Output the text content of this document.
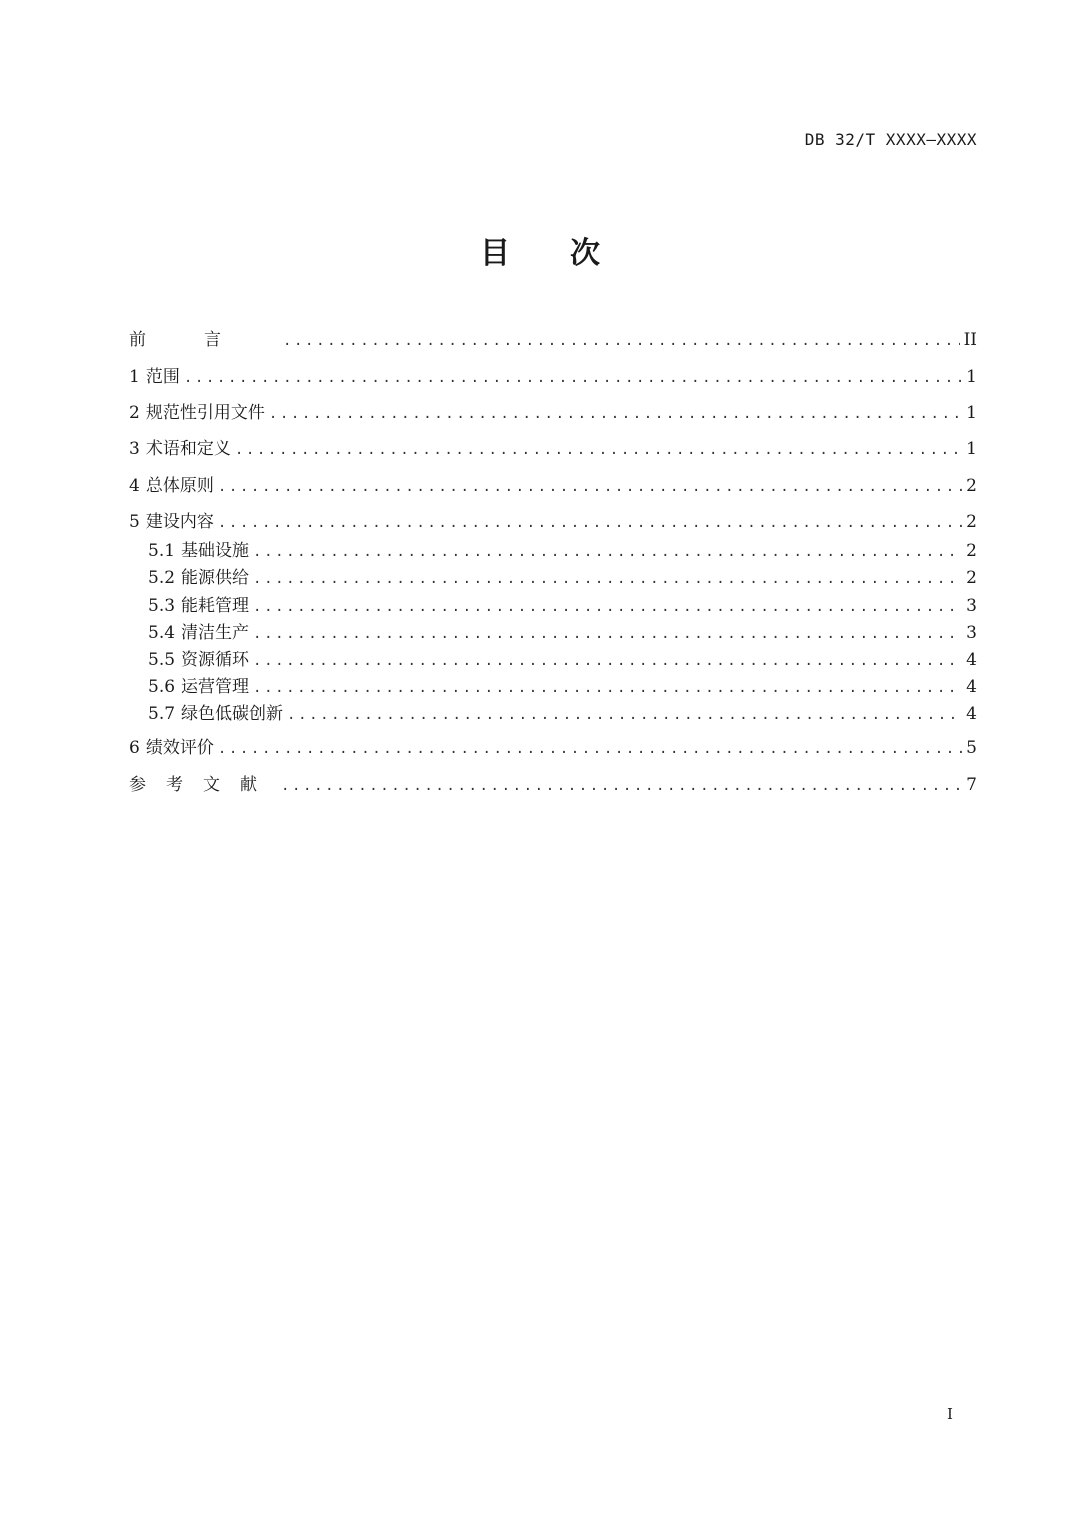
DB 32/T XXXX—XXXX
目 次
前言 .....	II
1 范围 .....	1
2 规范性引用文件 .....	1
3 术语和定义 .....	1
4 总体原则 .....	2
5 建设内容 .....	2
5.1 基础设施 .....	2
5.2 能源供给 .....	2
5.3 能耗管理 .....	3
5.4 清洁生产 .....	3
5.5 资源循环 .....	4
5.6 运营管理 .....	4
5.7 绿色低碳创新 .....	4
6 绩效评价 .....	5
参考文献 .....	7
I
